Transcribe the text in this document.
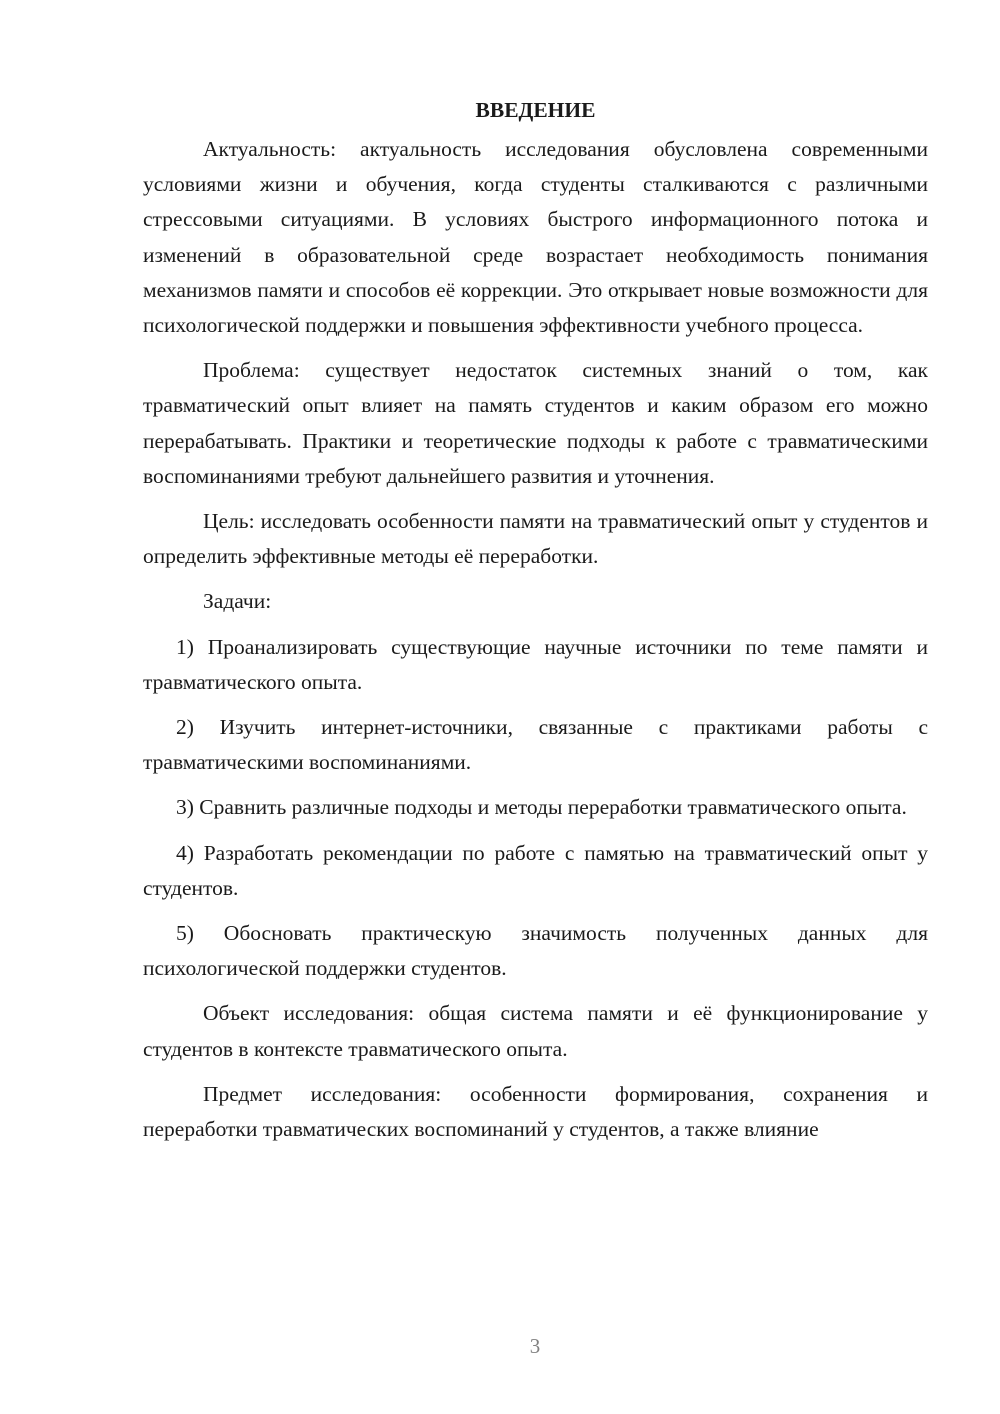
ВВЕДЕНИЕ

Актуальность: актуальность исследования обусловлена современными условиями жизни и обучения, когда студенты сталкиваются с различными стрессовыми ситуациями. В условиях быстрого информационного потока и изменений в образовательной среде возрастает необходимость понимания механизмов памяти и способов её коррекции. Это открывает новые возможности для психологической поддержки и повышения эффективности учебного процесса.

Проблема: существует недостаток системных знаний о том, как травматический опыт влияет на память студентов и каким образом его можно перерабатывать. Практики и теоретические подходы к работе с травматическими воспоминаниями требуют дальнейшего развития и уточнения.

Цель: исследовать особенности памяти на травматический опыт у студентов и определить эффективные методы её переработки.

Задачи:

1) Проанализировать существующие научные источники по теме памяти и травматического опыта.

2) Изучить интернет-источники, связанные с практиками работы с травматическими воспоминаниями.

3) Сравнить различные подходы и методы переработки травматического опыта.

4) Разработать рекомендации по работе с памятью на травматический опыт у студентов.

5) Обосновать практическую значимость полученных данных для психологической поддержки студентов.

Объект исследования: общая система памяти и её функционирование у студентов в контексте травматического опыта.

Предмет исследования: особенности формирования, сохранения и переработки травматических воспоминаний у студентов, а также влияние

3
